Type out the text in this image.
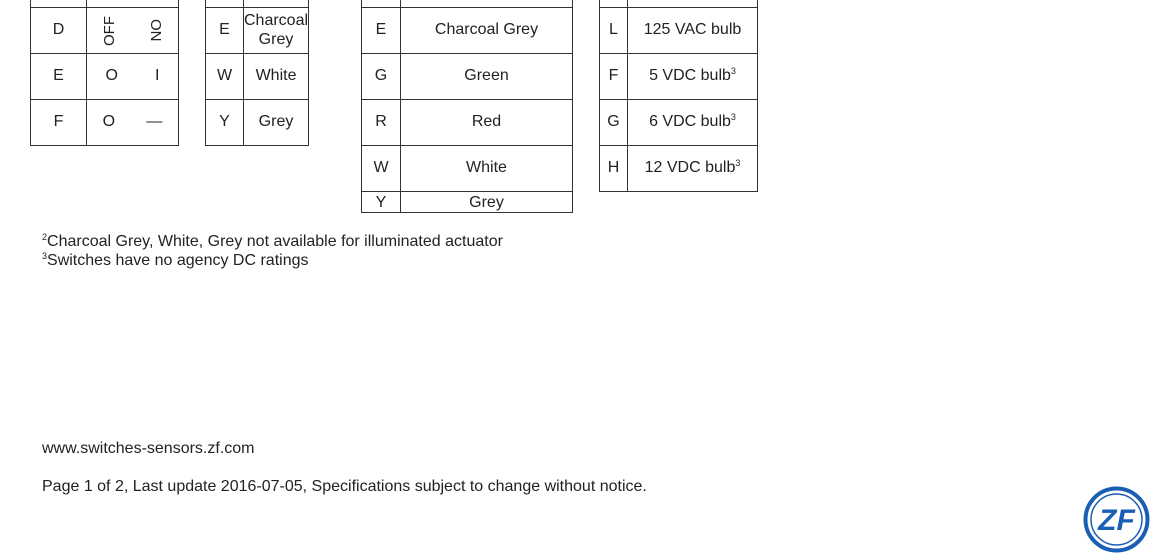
D	OFF ON

E	O I

F	O —

E	Charcoal Grey
W	White
Y	Grey

E	Charcoal Grey
G	Green
R	Red
W	White
Y	Grey

L	125 VAC bulb
F	5 VDC bulb$^3$
G	6 VDC bulb$^3$
H	12 VDC bulb$^3$
$^2$Charcoal Grey, White, Grey not available for illuminated actuator
$^3$Switches have no agency DC ratings
www.switches-sensors.zf.com
Page 1 of 2, Last update 2016-07-05, Specifications subject to change without notice.
ZF
